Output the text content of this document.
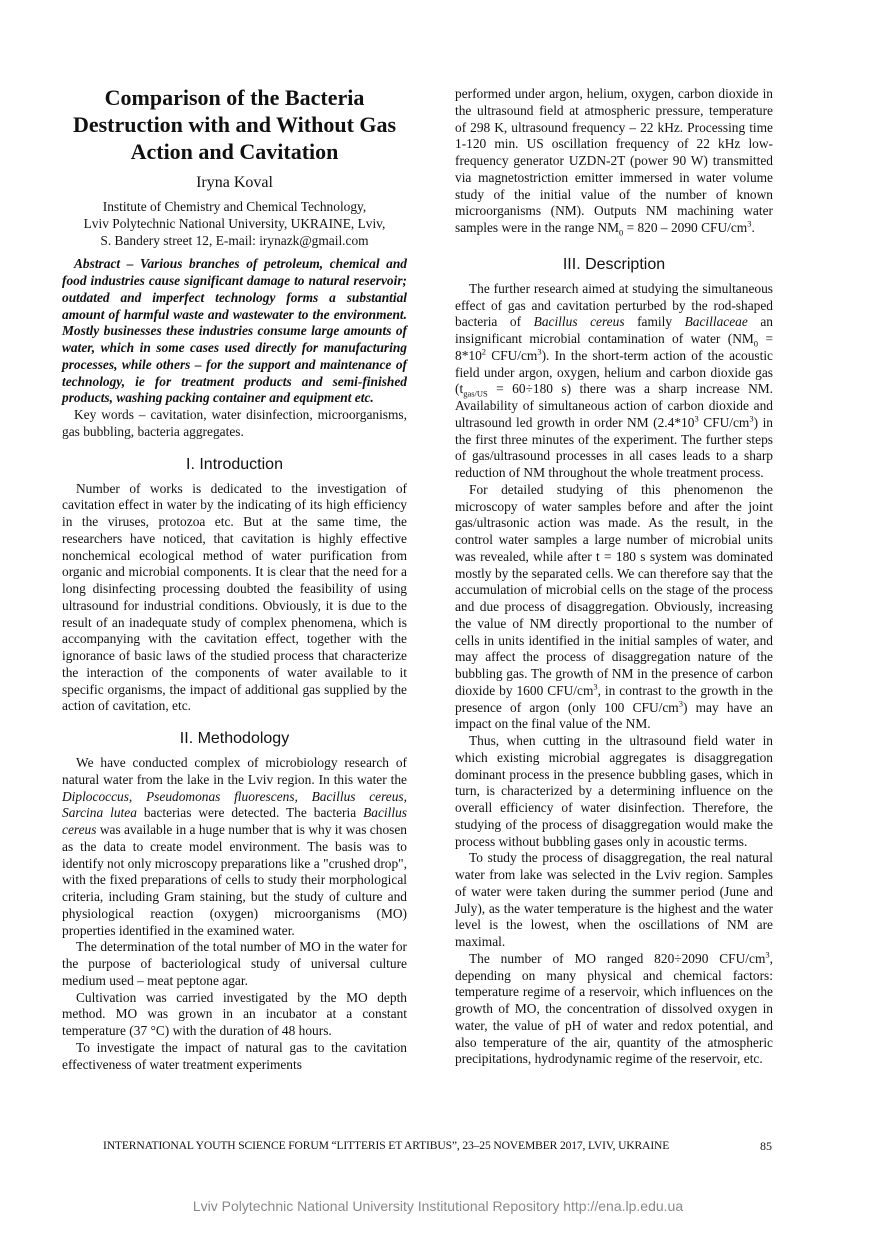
Comparison of the Bacteria Destruction with and Without Gas Action and Cavitation
Iryna Koval
Institute of Chemistry and Chemical Technology,
Lviv Polytechnic National University, UKRAINE, Lviv,
S. Bandery street 12, E-mail: irynazk@gmail.com
Abstract – Various branches of petroleum, chemical and food industries cause significant damage to natural reservoir; outdated and imperfect technology forms a substantial amount of harmful waste and wastewater to the environment. Mostly businesses these industries consume large amounts of water, which in some cases used directly for manufacturing processes, while others – for the support and maintenance of technology, ie for treatment products and semi-finished products, washing packing container and equipment etc.
Key words – cavitation, water disinfection, microorganisms, gas bubbling, bacteria aggregates.
I. Introduction

Number of works is dedicated to the investigation of cavitation effect in water by the indicating of its high efficiency in the viruses, protozoa etc. But at the same time, the researchers have noticed, that cavitation is highly effective nonchemical ecological method of water purification from organic and microbial components. It is clear that the need for a long disinfecting processing doubted the feasibility of using ultrasound for industrial conditions. Obviously, it is due to the result of an inadequate study of complex phenomena, which is accompanying with the cavitation effect, together with the ignorance of basic laws of the studied process that characterize the interaction of the components of water available to it specific organisms, the impact of additional gas supplied by the action of cavitation, etc.

II. Methodology

We have conducted complex of microbiology research of natural water from the lake in the Lviv region. In this water the Diplococcus, Pseudomonas fluorescens, Bacillus cereus, Sarcina lutea bacterias were detected. The bacteria Bacillus cereus was available in a huge number that is why it was chosen as the data to create model environment. The basis was to identify not only microscopy preparations like a "crushed drop", with the fixed preparations of cells to study their morphological criteria, including Gram staining, but the study of culture and physiological reaction (oxygen) microorganisms (MO) properties identified in the examined water.

The determination of the total number of MO in the water for the purpose of bacteriological study of universal culture medium used – meat peptone agar.

Cultivation was carried investigated by the MO depth method. MO was grown in an incubator at a constant temperature (37 °C) with the duration of 48 hours.

To investigate the impact of natural gas to the cavitation effectiveness of water treatment experiments

performed under argon, helium, oxygen, carbon dioxide in the ultrasound field at atmospheric pressure, temperature of 298 K, ultrasound frequency – 22 kHz. Processing time 1-120 min. US oscillation frequency of 22 kHz low-frequency generator UZDN-2T (power 90 W) transmitted via magnetostriction emitter immersed in water volume study of the initial value of the number of known microorganisms (NM). Outputs NM machining water samples were in the range $NM_0 = 820 - 2090$ CFU/$cm^3$.

III. Description

The further research aimed at studying the simultaneous effect of gas and cavitation perturbed by the rod-shaped bacteria of Bacillus cereus family Bacillaceae an insignificant microbial contamination of water ($NM_0 = 8*10^2$ CFU/$cm^3$). In the short-term action of the acoustic field under argon, oxygen, helium and carbon dioxide gas ($t_{gas/US} = 60\div 180$ s) there was a sharp increase NM. Availability of simultaneous action of carbon dioxide and ultrasound led growth in order NM ($2.4*10^3$ CFU/$cm^3$) in the first three minutes of the experiment. The further steps of gas/ultrasound processes in all cases leads to a sharp reduction of NM throughout the whole treatment process.

For detailed studying of this phenomenon the microscopy of water samples before and after the joint gas/ultrasonic action was made. As the result, in the control water samples a large number of microbial units was revealed, while after t = 180 s system was dominated mostly by the separated cells. We can therefore say that the accumulation of microbial cells on the stage of the process and due process of disaggregation. Obviously, increasing the value of NM directly proportional to the number of cells in units identified in the initial samples of water, and may affect the process of disaggregation nature of the bubbling gas. The growth of NM in the presence of carbon dioxide by 1600 CFU/$cm^3$, in contrast to the growth in the presence of argon (only 100 CFU/$cm^3$) may have an impact on the final value of the NM.

Thus, when cutting in the ultrasound field water in which existing microbial aggregates is disaggregation dominant process in the presence bubbling gases, which in turn, is characterized by a determining influence on the overall efficiency of water disinfection. Therefore, the studying of the process of disaggregation would make the process without bubbling gases only in acoustic terms.

To study the process of disaggregation, the real natural water from lake was selected in the Lviv region. Samples of water were taken during the summer period (June and July), as the water temperature is the highest and the water level is the lowest, when the oscillations of NM are maximal.

The number of MO ranged 820÷2090 CFU/$cm^3$, depending on many physical and chemical factors: temperature regime of a reservoir, which influences on the growth of MO, the concentration of dissolved oxygen in water, the value of pH of water and redox potential, and also temperature of the air, quantity of the atmospheric precipitations, hydrodynamic regime of the reservoir, etc.

INTERNATIONAL YOUTH SCIENCE FORUM “LITTERIS ET ARTIBUS”, 23–25 NOVEMBER 2017, LVIV, UKRAINE	85
Lviv Polytechnic National University Institutional Repository http://ena.lp.edu.ua
